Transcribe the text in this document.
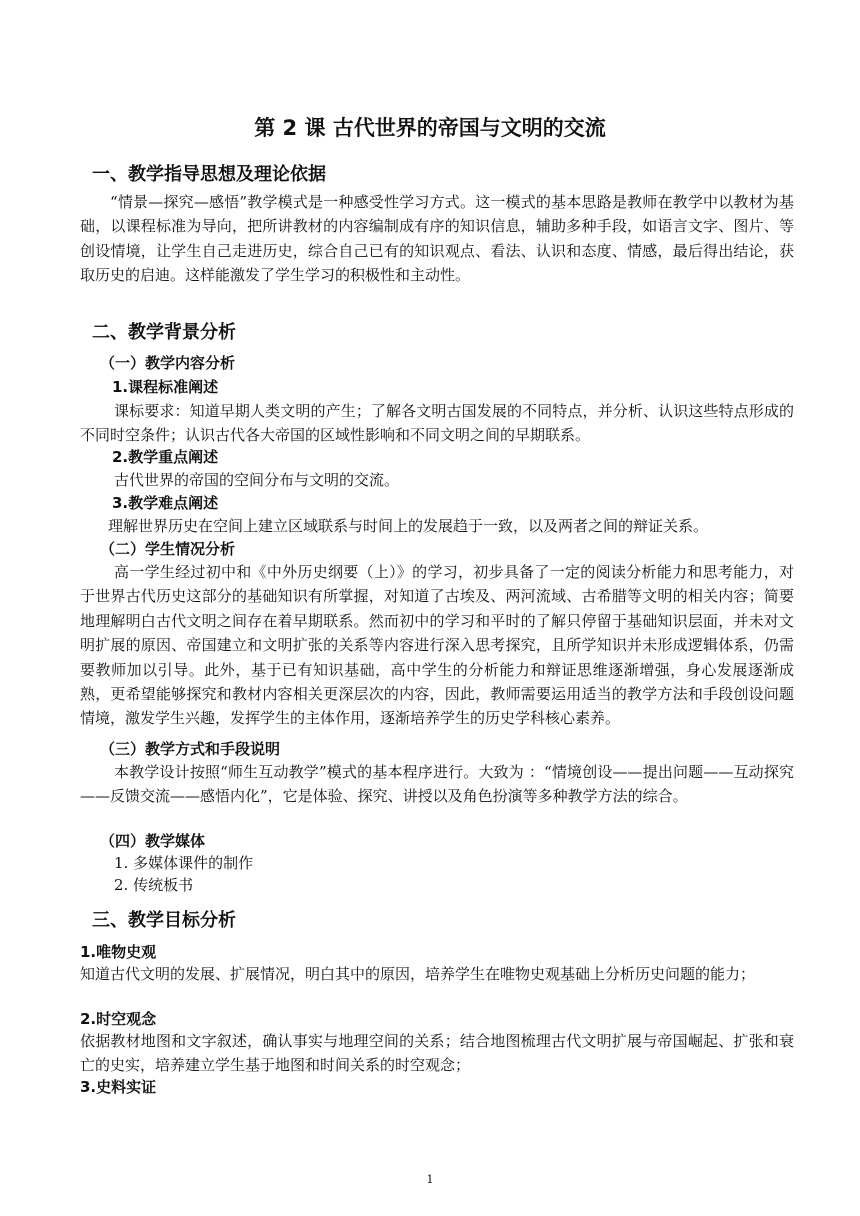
第 2 课 古代世界的帝国与文明的交流
一、教学指导思想及理论依据
“情景—探究—感悟”教学模式是一种感受性学习方式。这一模式的基本思路是教师在教学中以教材为基础，以课程标准为导向，把所讲教材的内容编制成有序的知识信息，辅助多种手段，如语言文字、图片、等创设情境，让学生自己走进历史，综合自己已有的知识观点、看法、认识和态度、情感，最后得出结论，获取历史的启迪。这样能激发了学生学习的积极性和主动性。
二、教学背景分析
（一）教学内容分析
1.课程标准阐述
课标要求：知道早期人类文明的产生；了解各文明古国发展的不同特点，并分析、认识这些特点形成的不同时空条件；认识古代各大帝国的区域性影响和不同文明之间的早期联系。
2.教学重点阐述
古代世界的帝国的空间分布与文明的交流。
3.教学难点阐述
理解世界历史在空间上建立区域联系与时间上的发展趋于一致，以及两者之间的辩证关系。
（二）学生情况分析
高一学生经过初中和《中外历史纲要（上）》的学习，初步具备了一定的阅读分析能力和思考能力，对于世界古代历史这部分的基础知识有所掌握，对知道了古埃及、两河流域、古希腊等文明的相关内容；简要地理解明白古代文明之间存在着早期联系。然而初中的学习和平时的了解只停留于基础知识层面，并未对文明扩展的原因、帝国建立和文明扩张的关系等内容进行深入思考探究，且所学知识并未形成逻辑体系，仍需要教师加以引导。此外，基于已有知识基础，高中学生的分析能力和辩证思维逐渐增强，身心发展逐渐成熟，更希望能够探究和教材内容相关更深层次的内容，因此，教师需要运用适当的教学方法和手段创设问题情境，激发学生兴趣，发挥学生的主体作用，逐渐培养学生的历史学科核心素养。
（三）教学方式和手段说明
本教学设计按照“师生互动教学”模式的基本程序进行。大致为 ：“情境创设——提出问题——互动探究——反馈交流——感悟内化”，它是体验、探究、讲授以及角色扮演等多种教学方法的综合。
（四）教学媒体
1. 多媒体课件的制作
2. 传统板书
三、教学目标分析
1.唯物史观
知道古代文明的发展、扩展情况，明白其中的原因，培养学生在唯物史观基础上分析历史问题的能力；
2.时空观念
依据教材地图和文字叙述，确认事实与地理空间的关系；结合地图梳理古代文明扩展与帝国崛起、扩张和衰亡的史实，培养建立学生基于地图和时间关系的时空观念；
3.史料实证
1
